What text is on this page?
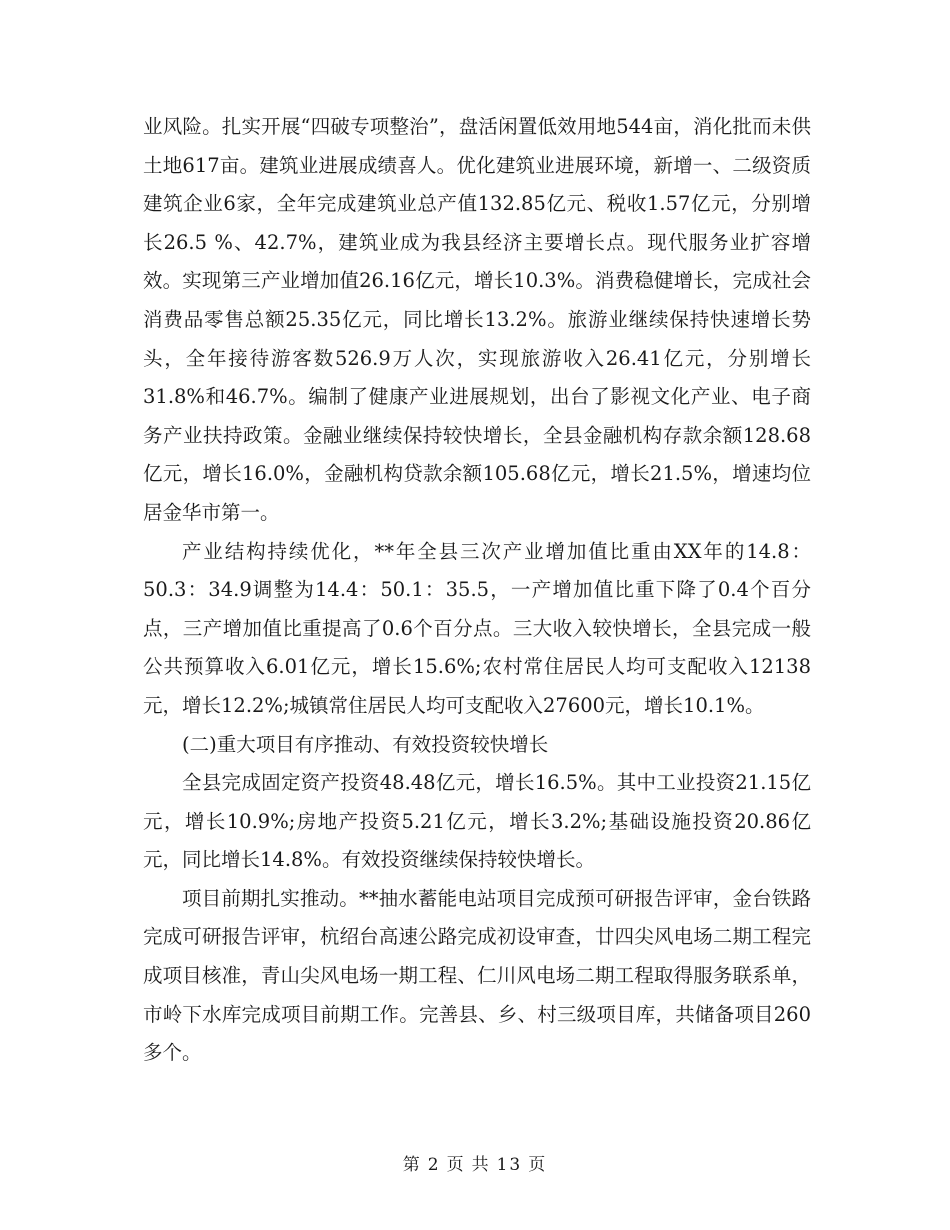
业风险。扎实开展“四破专项整治”，盘活闲置低效用地544亩，消化批而未供土地617亩。建筑业进展成绩喜人。优化建筑业进展环境，新增一、二级资质建筑企业6家，全年完成建筑业总产值132.85亿元、税收1.57亿元，分别增长26.5 %、42.7%，建筑业成为我县经济主要增长点。现代服务业扩容增效。实现第三产业增加值26.16亿元，增长10.3%。消费稳健增长，完成社会消费品零售总额25.35亿元，同比增长13.2%。旅游业继续保持快速增长势头，全年接待游客数526.9万人次，实现旅游收入26.41亿元，分别增长31.8%和46.7%。编制了健康产业进展规划，出台了影视文化产业、电子商务产业扶持政策。金融业继续保持较快增长，全县金融机构存款余额128.68亿元，增长16.0%，金融机构贷款余额105.68亿元，增长21.5%，增速均位居金华市第一。

产业结构持续优化，**年全县三次产业增加值比重由XX年的14.8：50.3：34.9调整为14.4：50.1：35.5，一产增加值比重下降了0.4个百分点，三产增加值比重提高了0.6个百分点。三大收入较快增长，全县完成一般公共预算收入6.01亿元，增长15.6%;农村常住居民人均可支配收入12138元，增长12.2%;城镇常住居民人均可支配收入27600元，增长10.1%。

(二)重大项目有序推动、有效投资较快增长

全县完成固定资产投资48.48亿元，增长16.5%。其中工业投资21.15亿元，增长10.9%;房地产投资5.21亿元，增长3.2%;基础设施投资20.86亿元，同比增长14.8%。有效投资继续保持较快增长。

项目前期扎实推动。**抽水蓄能电站项目完成预可研报告评审，金台铁路完成可研报告评审，杭绍台高速公路完成初设审查，廿四尖风电场二期工程完成项目核准，青山尖风电场一期工程、仁川风电场二期工程取得服务联系单，市岭下水库完成项目前期工作。完善县、乡、村三级项目库，共储备项目260多个。

第 2 页 共 13 页
